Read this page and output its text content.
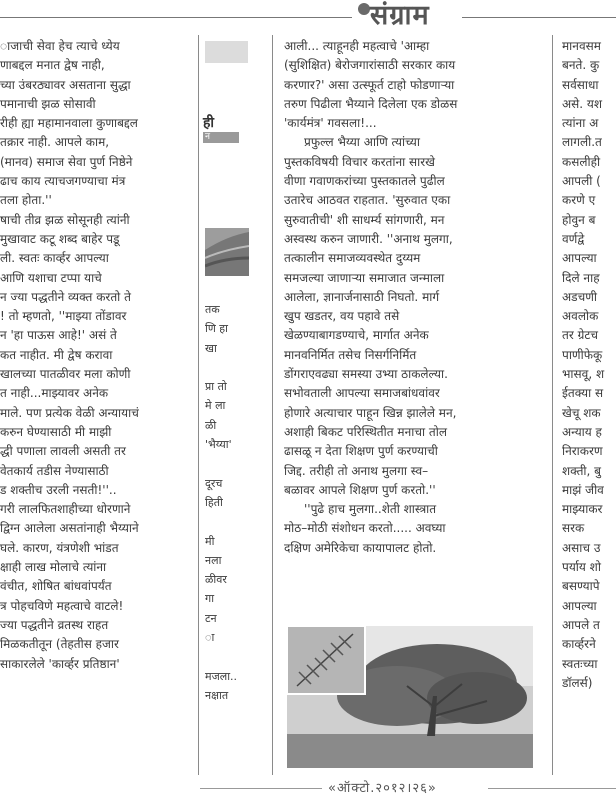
संग्राम
ाजाची सेवा हेच त्याचे ध्येय
णाबद्दल मनात द्वेष नाही,
च्या उंबरठ्यावर असताना सुद्धा
पमानाची झळ सोसावी
रीही ह्या महामानवाला कुणाबद्दल
तक्रार नाही. आपले काम,
(मानव) समाज सेवा पुर्ण निष्ठेने
ढाच काय त्याचजगण्याचा मंत्र
तला होता.''
षाची तीव्र झळ सोसूनही त्यांनी
मुखावाट कटू शब्द बाहेर पडू
ली. स्वतः कार्व्हर आपल्या
आणि यशाचा टप्पा याचे
न ज्या पद्धतीने व्यक्त करतो ते
! तो म्हणतो, ''माझ्या तोंडावर
न 'हा पाऊस आहे!' असं ते
कत नाहीत. मी द्वेष करावा
खालच्या पातळीवर मला कोणी
त नाही...माझ्यावर अनेक
माले. पण प्रत्येक वेळी अन्यायाचं
करुन घेण्यासाठी मी माझी
द्धी पणाला लावली असती तर
वेतकार्य तडीस नेण्यासाठी
ड शक्तीच उरली नसती!''..
गरी लालफितशाहीच्या धोरणाने
द्विग्न आलेला असतांनाही भैय्याने
घले. कारण, यंत्रणेशी भांडत
क्षाही लाख मोलाचे त्यांना
वंचीत, शोषित बांधवांपर्यंत
त्र पोहचविणे महत्वाचे वाटले!
ज्या पद्धतीने व्रतस्थ राहत
मिळकतीतून (तेहतीस हजार
साकारलेले 'कार्व्हर प्रतिष्ठान'
ही
न
तक
णि हा
खा
प्रा तो
मे ला
ळी
'भैय्या'
दूरच
हिती
मी
नला
ळीवर
गा
टन
ा
मजला..
नक्षात
आली... त्याहूनही महत्वाचे 'आम्हा
(सुशिक्षित) बेरोजगारांसाठी सरकार काय
करणार?' असा उत्स्फूर्त टाहो फोडणाऱ्या
तरुण पिढीला भैय्याने दिलेला एक डोळस
'कार्यमंत्र' गवसला!...
प्रफुल्ल भैय्या आणि त्यांच्या
पुस्तकविषयी विचार करतांना सारखे
वीणा गवाणकरांच्या पुस्तकातले पुढील
उतारेच आठवत राहतात. 'सुरुवात एका
सुरुवातीची' शी साधर्म्य सांगणारी, मन
अस्वस्थ करुन जाणारी. ''अनाथ मुलगा,
तत्कालीन समाजव्यवस्थेत दुय्यम
समजल्या जाणाऱ्या समाजात जन्माला
आलेला, ज्ञानार्जनासाठी निघतो. मार्ग
खुप खडतर, वय पहावे तसे
खेळण्याबागडण्याचे, मार्गात अनेक
मानवनिर्मित तसेच निसर्गनिर्मित
डोंगराएवढ्या समस्या उभ्या ठाकलेल्या.
सभोवताली आपल्या समाजबांधवांवर
होणारे अत्याचार पाहून खिन्न झालेले मन,
अशाही बिकट परिस्थितीत मनाचा तोल
ढासळू न देता शिक्षण पुर्ण करण्याची
जिद्द. तरीही तो अनाथ मुलगा स्व–
बळावर आपले शिक्षण पुर्ण करतो.''
''पुढे हाच मुलगा..शेती शास्त्रात
मोठ–मोठी संशोधन करतो..... अवघ्या
दक्षिण अमेरिकेचा कायापालट होतो.
मानवसम
बनते. कु
सर्वसाधा
असे. यश
त्यांना अ
लागली.त
कसलीही
आपली (
करणे ए
होवुन ब
वर्णद्वे
आपल्या
दिले नाह
अडचणी
अवलोक
तर ग्रेटच
पाणीफेकू
भासवू, श
ईतक्या स
खेचू शक
अन्याय ह
निराकरण
शक्ती, बु
माझं जीव
माझ्याकर
सरक
असाच उ
पर्याय शो
बसण्यापे
आपल्या
आपले त
कार्व्हरने
स्वतःच्या
डॉलर्स)
«ऑक्टो.२०१२।२६»
